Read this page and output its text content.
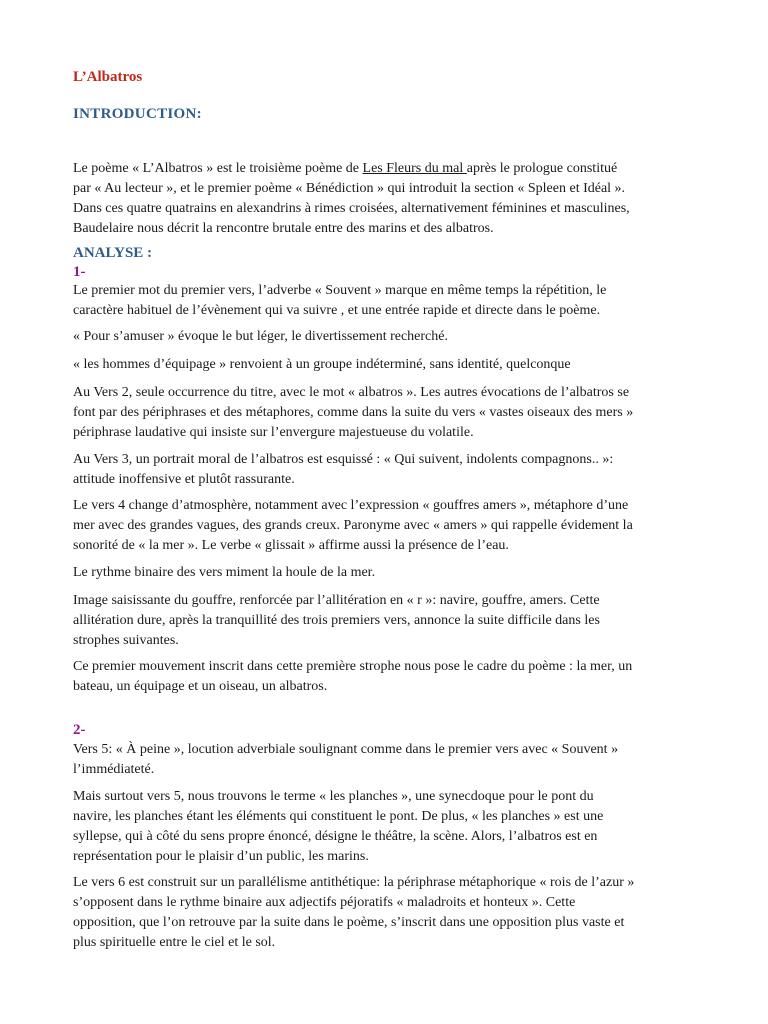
L’Albatros
INTRODUCTION:
Le poème « L’Albatros » est le troisième poème de Les Fleurs du mal après le prologue constitué
par « Au lecteur », et le premier poème « Bénédiction » qui introduit la section « Spleen et Idéal ».
Dans ces quatre quatrains en alexandrins à rimes croisées, alternativement féminines et masculines,
Baudelaire nous décrit la rencontre brutale entre des marins et des albatros.
ANALYSE :
1-
Le premier mot du premier vers, l’adverbe « Souvent » marque en même temps la répétition, le
caractère habituel de l’évènement qui va suivre , et une entrée rapide et directe dans le poème.
« Pour s’amuser » évoque le but léger, le divertissement recherché.
« les hommes d’équipage » renvoient à un groupe indéterminé, sans identité, quelconque
Au Vers 2, seule occurrence du titre, avec le mot « albatros ». Les autres évocations de l’albatros se
font par des périphrases et des métaphores, comme dans la suite du vers « vastes oiseaux des mers »
périphrase laudative qui insiste sur l’envergure majestueuse du volatile.
Au Vers 3, un portrait moral de l’albatros est esquissé : « Qui suivent, indolents compagnons.. »:
attitude inoffensive et plutôt rassurante.
Le vers 4 change d’atmosphère, notamment avec l’expression « gouffres amers », métaphore d’une
mer avec des grandes vagues, des grands creux. Paronyme avec « amers » qui rappelle évidement la
sonorité de « la mer ». Le verbe « glissait » affirme aussi la présence de l’eau.
Le rythme binaire des vers miment la houle de la mer.
Image saisissante du gouffre, renforcée par l’allitération en « r »: navire, gouffre, amers. Cette
allitération dure, après la tranquillité des trois premiers vers, annonce la suite difficile dans les
strophes suivantes.
Ce premier mouvement inscrit dans cette première strophe nous pose le cadre du poème : la mer, un
bateau, un équipage et un oiseau, un albatros.
2-
Vers 5: « À peine », locution adverbiale soulignant comme dans le premier vers avec « Souvent »
l’immédiateté.
Mais surtout vers 5, nous trouvons le terme « les planches », une synecdoque pour le pont du
navire, les planches étant les éléments qui constituent le pont. De plus, « les planches » est une
syllepse, qui à côté du sens propre énoncé, désigne le théâtre, la scène. Alors, l’albatros est en
représentation pour le plaisir d’un public, les marins.
Le vers 6 est construit sur un parallélisme antithétique: la périphrase métaphorique « rois de l’azur »
s’opposent dans le rythme binaire aux adjectifs péjoratifs « maladroits et honteux ». Cette
opposition, que l’on retrouve par la suite dans le poème, s’inscrit dans une opposition plus vaste et
plus spirituelle entre le ciel et le sol.
